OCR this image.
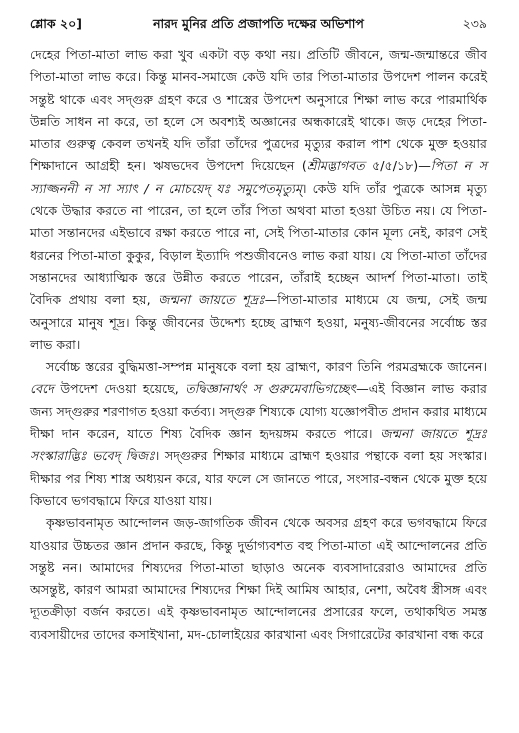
শ্লোক ২০]	নারদ মুনির প্রতি প্রজাপতি দক্ষের অভিশাপ	২৩৯

দেহের পিতা-মাতা লাভ করা খুব একটা বড় কথা নয়। প্রতিটি জীবনে, জন্ম-জন্মান্তরে জীব পিতা-মাতা লাভ করে। কিন্তু মানব-সমাজে কেউ যদি তার পিতা-মাতার উপদেশ পালন করেই সন্তুষ্ট থাকে এবং সদ্গুরু গ্রহণ করে ও শাস্ত্রের উপদেশ অনুসারে শিক্ষা লাভ করে পারমার্থিক উন্নতি সাধন না করে, তা হলে সে অবশ্যই অজ্ঞানের অন্ধকারেই থাকে। জড় দেহের পিতা-মাতার গুরুত্ব কেবল তখনই যদি তাঁরা তাঁদের পুত্রদের মৃত্যুর করাল পাশ থেকে মুক্ত হওয়ার শিক্ষাদানে আগ্রহী হন। ঋষভদেব উপদেশ দিয়েছেন (শ্রীমদ্ভাগবত ৫/৫/১৮)—পিতা ন স স্যাজ্জননী ন সা স্যাৎ / ন মোচয়েদ্ যঃ সমুপেতমৃত্যুম্। কেউ যদি তাঁর পুত্রকে আসন্ন মৃত্যু থেকে উদ্ধার করতে না পারেন, তা হলে তাঁর পিতা অথবা মাতা হওয়া উচিত নয়। যে পিতা-মাতা সন্তানদের এইভাবে রক্ষা করতে পারে না, সেই পিতা-মাতার কোন মূল্য নেই, কারণ সেই ধরনের পিতা-মাতা কুকুর, বিড়াল ইত্যাদি পশুজীবনেও লাভ করা যায়। যে পিতা-মাতা তাঁদের সন্তানদের আধ্যাত্মিক স্তরে উন্নীত করতে পারেন, তাঁরাই হচ্ছেন আদর্শ পিতা-মাতা। তাই বৈদিক প্রথায় বলা হয়, জন্মনা জায়তে শূদ্রঃ—পিতা-মাতার মাধ্যমে যে জন্ম, সেই জন্ম অনুসারে মানুষ শূদ্র। কিন্তু জীবনের উদ্দেশ্য হচ্ছে ব্রাহ্মণ হওয়া, মনুষ্য-জীবনের সর্বোচ্চ স্তর লাভ করা।

সর্বোচ্চ স্তরের বুদ্ধিমত্তা-সম্পন্ন মানুষকে বলা হয় ব্রাহ্মণ, কারণ তিনি পরমব্রহ্মকে জানেন। বেদে উপদেশ দেওয়া হয়েছে, তদ্বিজ্ঞানার্থং স গুরুমেবাভিগচ্ছেৎ—এই বিজ্ঞান লাভ করার জন্য সদ্গুরুর শরণাগত হওয়া কর্তব্য। সদ্গুরু শিষ্যকে যোগ্য যজ্ঞোপবীত প্রদান করার মাধ্যমে দীক্ষা দান করেন, যাতে শিষ্য বৈদিক জ্ঞান হৃদয়ঙ্গম করতে পারে। জন্মনা জায়তে শূদ্রঃ সংস্কারাদ্ভিঃ ভবেদ্ দ্বিজঃ। সদ্গুরুর শিক্ষার মাধ্যমে ব্রাহ্মণ হওয়ার পন্থাকে বলা হয় সংস্কার। দীক্ষার পর শিষ্য শাস্ত্র অধ্যয়ন করে, যার ফলে সে জানতে পারে, সংসার-বন্ধন থেকে মুক্ত হয়ে কিভাবে ভগবদ্ধামে ফিরে যাওয়া যায়।

কৃষ্ণভাবনামৃত আন্দোলন জড়-জাগতিক জীবন থেকে অবসর গ্রহণ করে ভগবদ্ধামে ফিরে যাওয়ার উচ্চতর জ্ঞান প্রদান করছে, কিন্তু দুর্ভাগ্যবশত বহু পিতা-মাতা এই আন্দোলনের প্রতি সন্তুষ্ট নন। আমাদের শিষ্যদের পিতা-মাতা ছাড়াও অনেক ব্যবসাদারেরাও আমাদের প্রতি অসন্তুষ্ট, কারণ আমরা আমাদের শিষ্যদের শিক্ষা দিই আমিষ আহার, নেশা, অবৈধ স্ত্রীসঙ্গ এবং দ্যূতক্রীড়া বর্জন করতে। এই কৃষ্ণভাবনামৃত আন্দোলনের প্রসারের ফলে, তথাকথিত সমস্ত ব্যবসায়ীদের তাদের কসাইখানা, মদ-চোলাইয়ের কারখানা এবং সিগারেটের কারখানা বন্ধ করে
